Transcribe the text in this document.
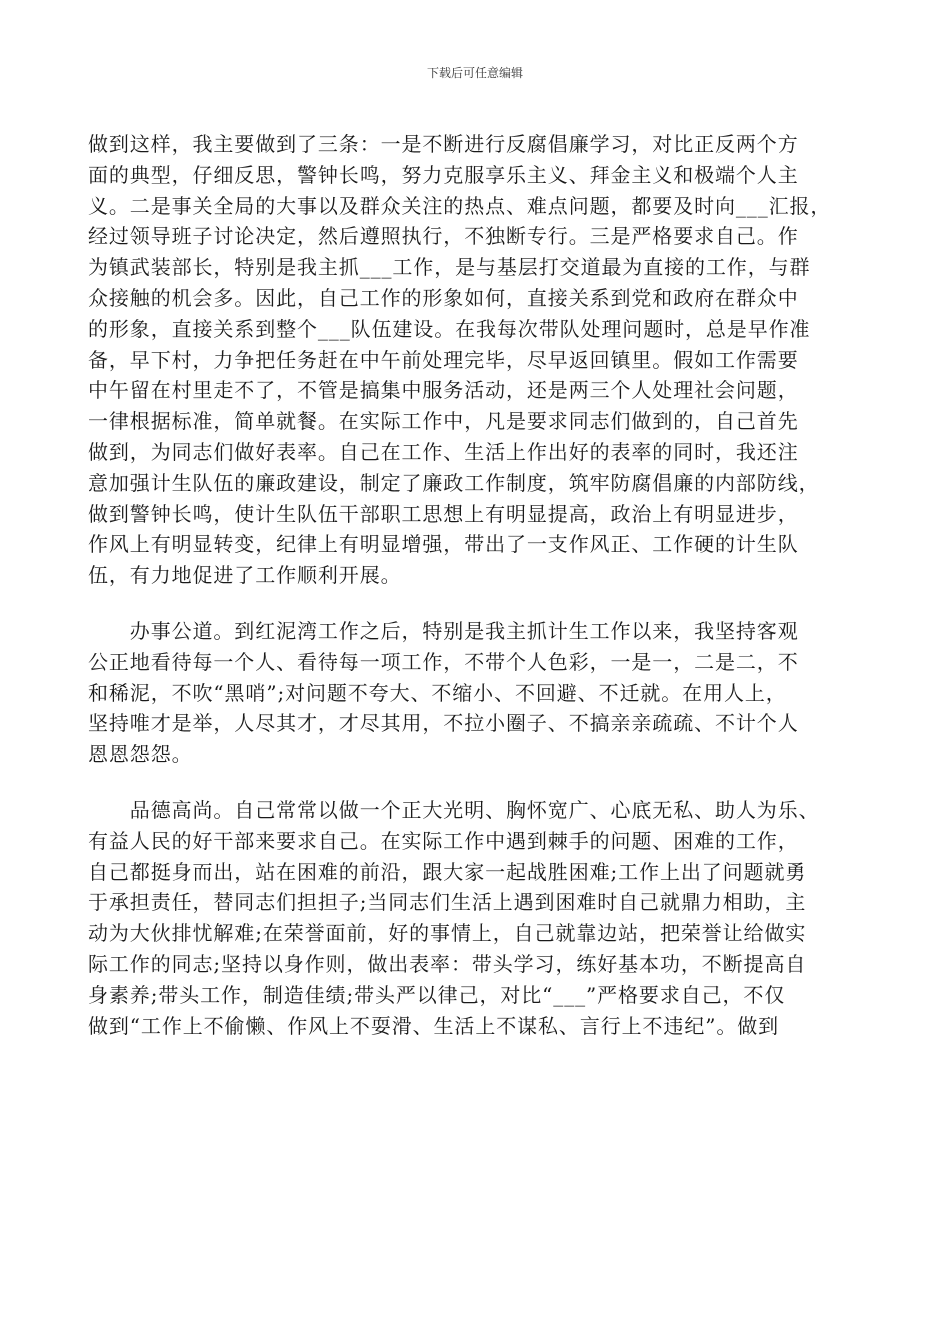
下载后可任意编辑
做到这样，我主要做到了三条：一是不断进行反腐倡廉学习，对比正反两个方
面的典型，仔细反思，警钟长鸣，努力克服享乐主义、拜金主义和极端个人主
义。二是事关全局的大事以及群众关注的热点、难点问题，都要及时向___汇报，
经过领导班子讨论决定，然后遵照执行，不独断专行。三是严格要求自己。作
为镇武装部长，特别是我主抓___工作，是与基层打交道最为直接的工作，与群
众接触的机会多。因此，自己工作的形象如何，直接关系到党和政府在群众中
的形象，直接关系到整个___队伍建设。在我每次带队处理问题时，总是早作准
备，早下村，力争把任务赶在中午前处理完毕，尽早返回镇里。假如工作需要
中午留在村里走不了，不管是搞集中服务活动，还是两三个人处理社会问题，
一律根据标准，简单就餐。在实际工作中，凡是要求同志们做到的，自己首先
做到，为同志们做好表率。自己在工作、生活上作出好的表率的同时，我还注
意加强计生队伍的廉政建设，制定了廉政工作制度，筑牢防腐倡廉的内部防线，
做到警钟长鸣，使计生队伍干部职工思想上有明显提高，政治上有明显进步，
作风上有明显转变，纪律上有明显增强，带出了一支作风正、工作硬的计生队
伍，有力地促进了工作顺利开展。
　　办事公道。到红泥湾工作之后，特别是我主抓计生工作以来，我坚持客观
公正地看待每一个人、看待每一项工作，不带个人色彩，一是一，二是二，不
和稀泥，不吹“黑哨”;对问题不夸大、不缩小、不回避、不迁就。在用人上，
坚持唯才是举，人尽其才，才尽其用，不拉小圈子、不搞亲亲疏疏、不计个人
恩恩怨怨。
　　品德高尚。自己常常以做一个正大光明、胸怀宽广、心底无私、助人为乐、
有益人民的好干部来要求自己。在实际工作中遇到棘手的问题、困难的工作，
自己都挺身而出，站在困难的前沿，跟大家一起战胜困难;工作上出了问题就勇
于承担责任，替同志们担担子;当同志们生活上遇到困难时自己就鼎力相助，主
动为大伙排忧解难;在荣誉面前，好的事情上，自己就靠边站，把荣誉让给做实
际工作的同志;坚持以身作则，做出表率：带头学习，练好基本功，不断提高自
身素养;带头工作，制造佳绩;带头严以律己，对比“___”严格要求自己，不仅
做到“工作上不偷懒、作风上不耍滑、生活上不谋私、言行上不违纪”。做到
